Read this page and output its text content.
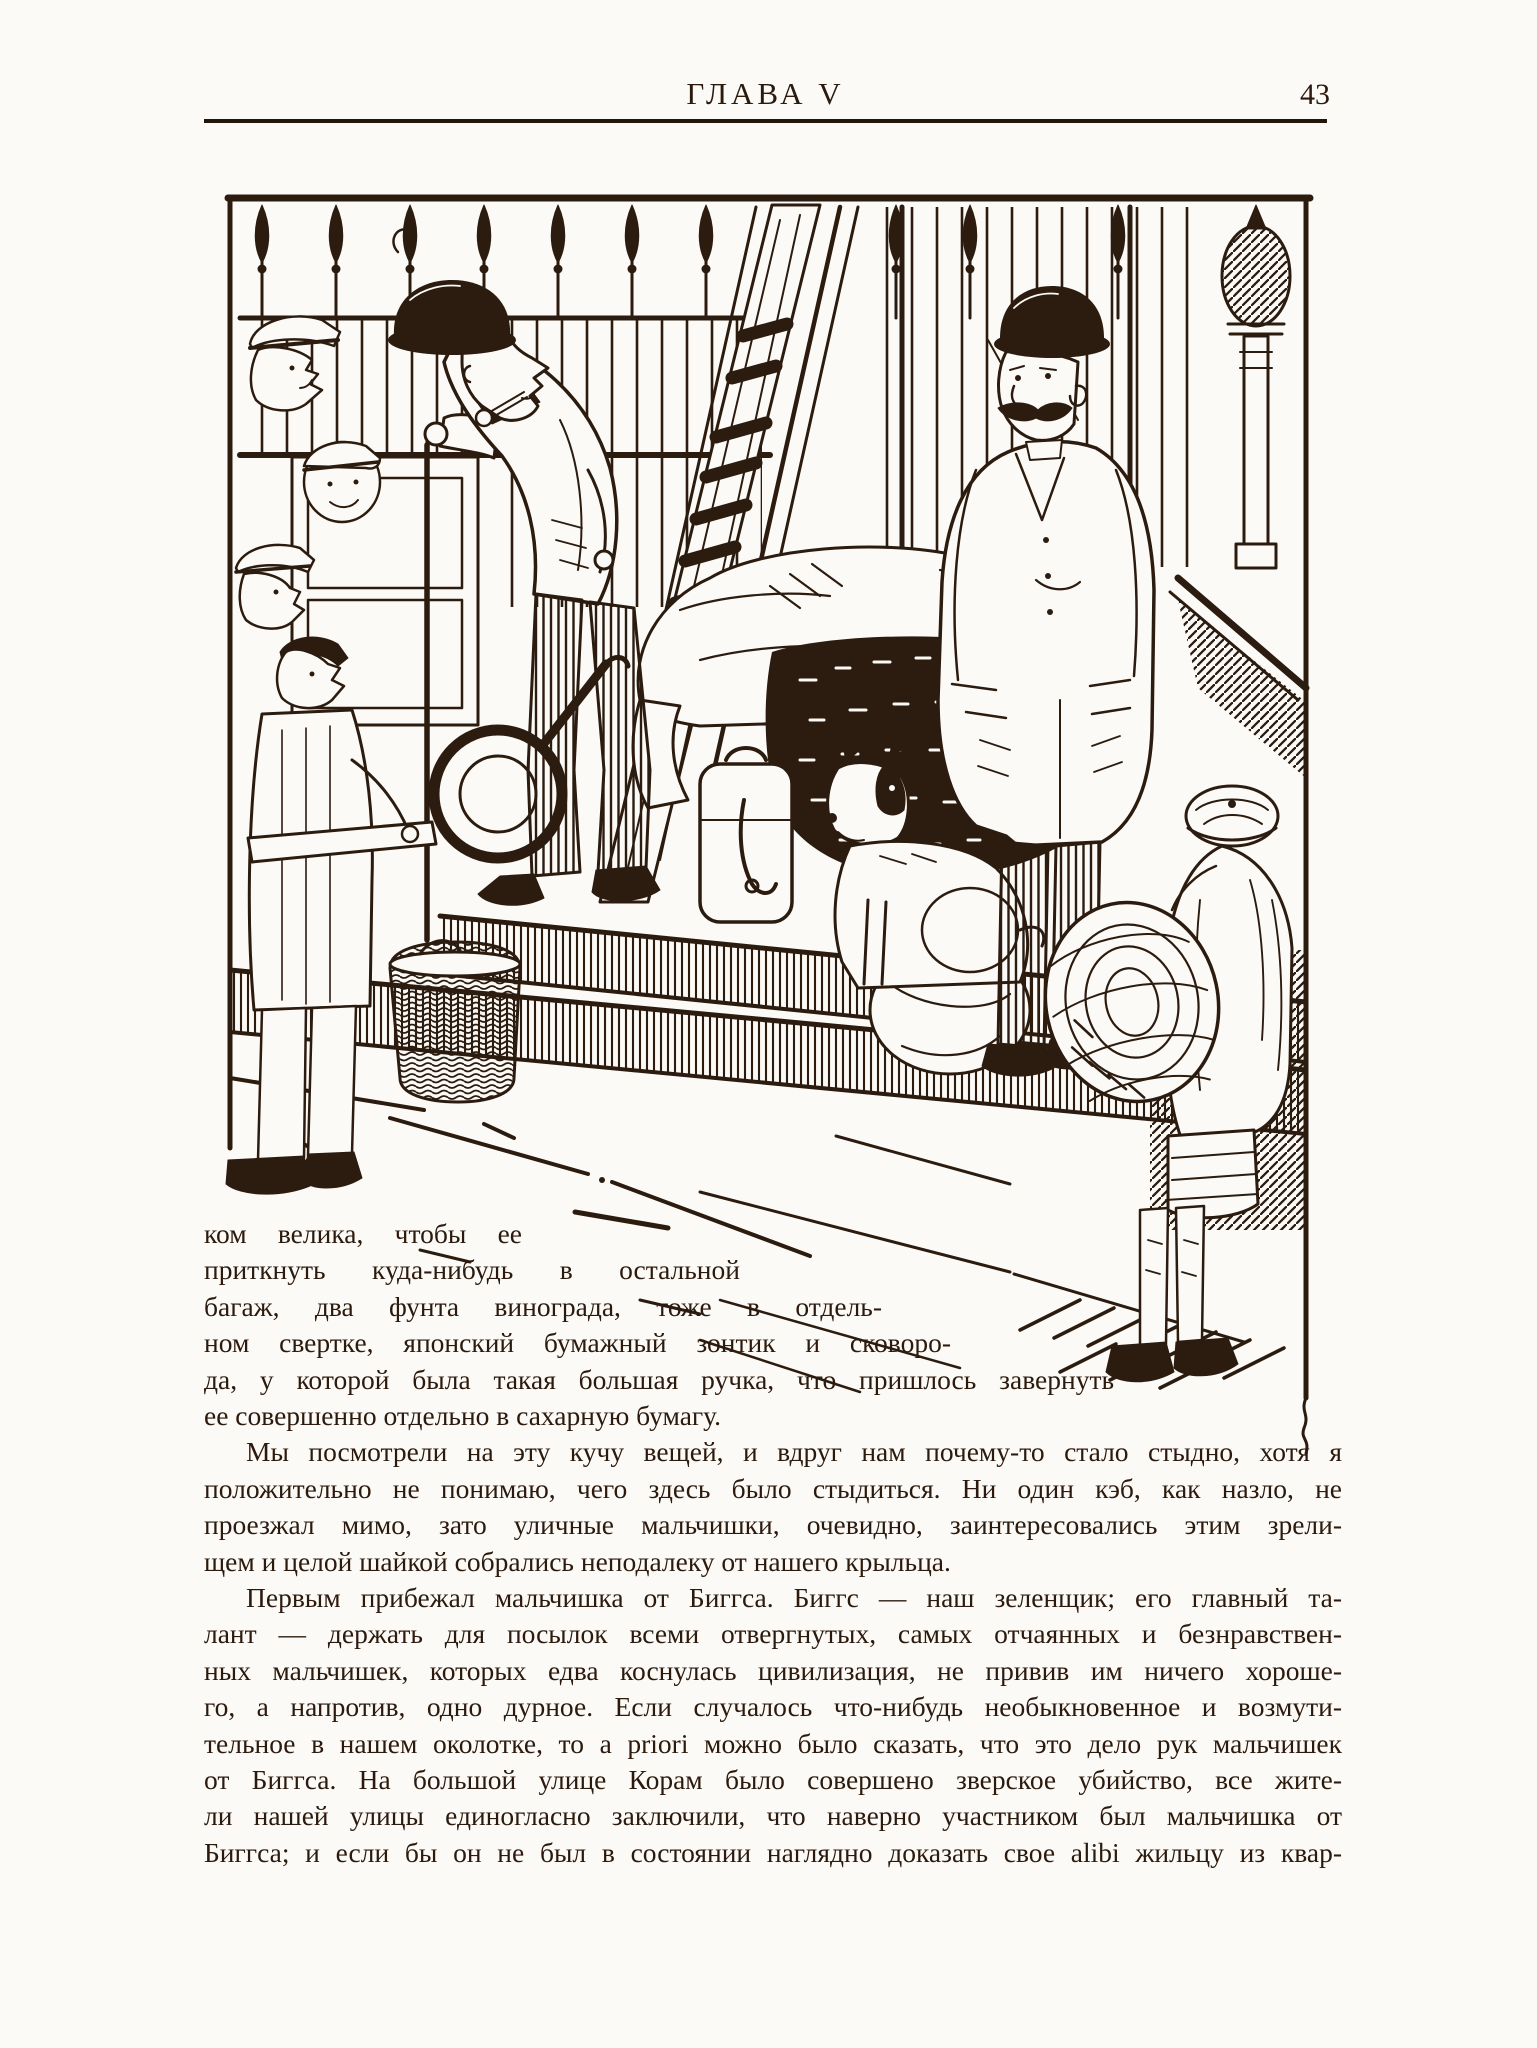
ГЛАВА V	43
ком велика, чтобы ее
приткнуть куда-нибудь в остальной
багаж, два фунта винограда, тоже в отдель-
ном свертке, японский бумажный зонтик и сковоро-
да, у которой была такая большая ручка, что пришлось завернуть
ее совершенно отдельно в сахарную бумагу.
Мы посмотрели на эту кучу вещей, и вдруг нам почему-то стало стыдно, хотя я
положительно не понимаю, чего здесь было стыдиться. Ни один кэб, как назло, не
проезжал мимо, зато уличные мальчишки, очевидно, заинтересовались этим зрели-
щем и целой шайкой собрались неподалеку от нашего крыльца.
Первым прибежал мальчишка от Биггса. Биггс — наш зеленщик; его главный та-
лант — держать для посылок всеми отвергнутых, самых отчаянных и безнравствен-
ных мальчишек, которых едва коснулась цивилизация, не привив им ничего хороше-
го, а напротив, одно дурное. Если случалось что-нибудь необыкновенное и возмути-
тельное в нашем околотке, то a priori можно было сказать, что это дело рук мальчишек
от Биггса. На большой улице Корам было совершено зверское убийство, все жите-
ли нашей улицы единогласно заключили, что наверно участником был мальчишка от
Биггса; и если бы он не был в состоянии наглядно доказать свое alibi жильцу из квар-
